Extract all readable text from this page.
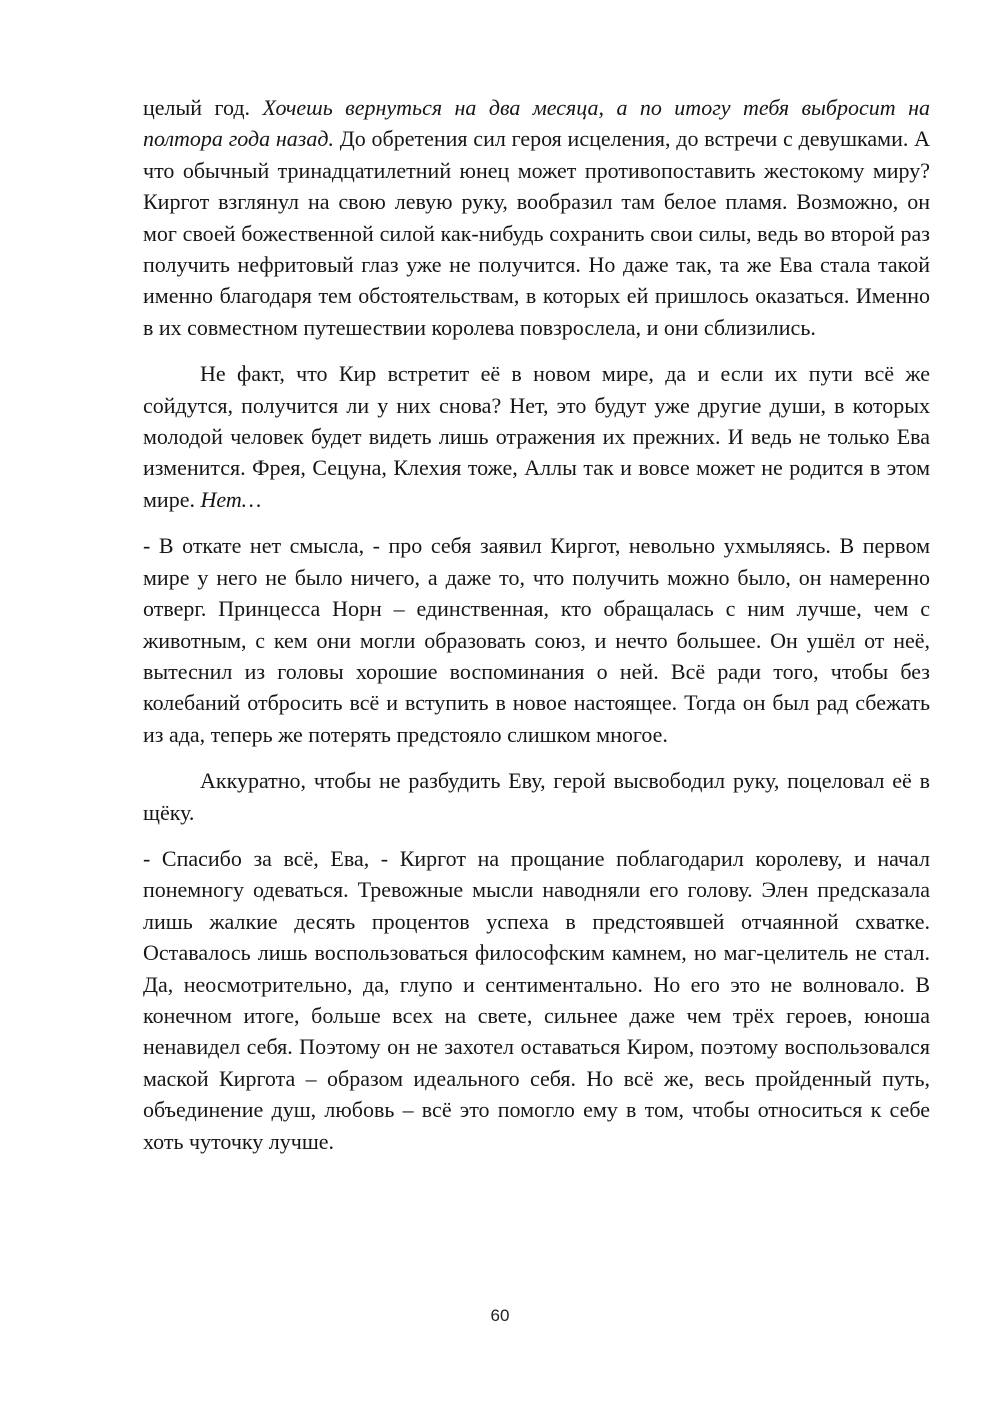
целый год. Хочешь вернуться на два месяца, а по итогу тебя выбросит на полтора года назад. До обретения сил героя исцеления, до встречи с девушками. А что обычный тринадцатилетний юнец может противопоставить жестокому миру? Киргот взглянул на свою левую руку, вообразил там белое пламя. Возможно, он мог своей божественной силой как-нибудь сохранить свои силы, ведь во второй раз получить нефритовый глаз уже не получится. Но даже так, та же Ева стала такой именно благодаря тем обстоятельствам, в которых ей пришлось оказаться. Именно в их совместном путешествии королева повзрослела, и они сблизились.

Не факт, что Кир встретит её в новом мире, да и если их пути всё же сойдутся, получится ли у них снова? Нет, это будут уже другие души, в которых молодой человек будет видеть лишь отражения их прежних. И ведь не только Ева изменится. Фрея, Сецуна, Клехия тоже, Аллы так и вовсе может не родится в этом мире. Нет…

- В откате нет смысла, - про себя заявил Киргот, невольно ухмыляясь. В первом мире у него не было ничего, а даже то, что получить можно было, он намеренно отверг. Принцесса Норн – единственная, кто обращалась с ним лучше, чем с животным, с кем они могли образовать союз, и нечто большее. Он ушёл от неё, вытеснил из головы хорошие воспоминания о ней. Всё ради того, чтобы без колебаний отбросить всё и вступить в новое настоящее. Тогда он был рад сбежать из ада, теперь же потерять предстояло слишком многое.

Аккуратно, чтобы не разбудить Еву, герой высвободил руку, поцеловал её в щёку.

- Спасибо за всё, Ева, - Киргот на прощание поблагодарил королеву, и начал понемногу одеваться. Тревожные мысли наводняли его голову. Элен предсказала лишь жалкие десять процентов успеха в предстоявшей отчаянной схватке. Оставалось лишь воспользоваться философским камнем, но маг-целитель не стал. Да, неосмотрительно, да, глупо и сентиментально. Но его это не волновало. В конечном итоге, больше всех на свете, сильнее даже чем трёх героев, юноша ненавидел себя. Поэтому он не захотел оставаться Киром, поэтому воспользовался маской Киргота – образом идеального себя. Но всё же, весь пройденный путь, объединение душ, любовь – всё это помогло ему в том, чтобы относиться к себе хоть чуточку лучше.

60
